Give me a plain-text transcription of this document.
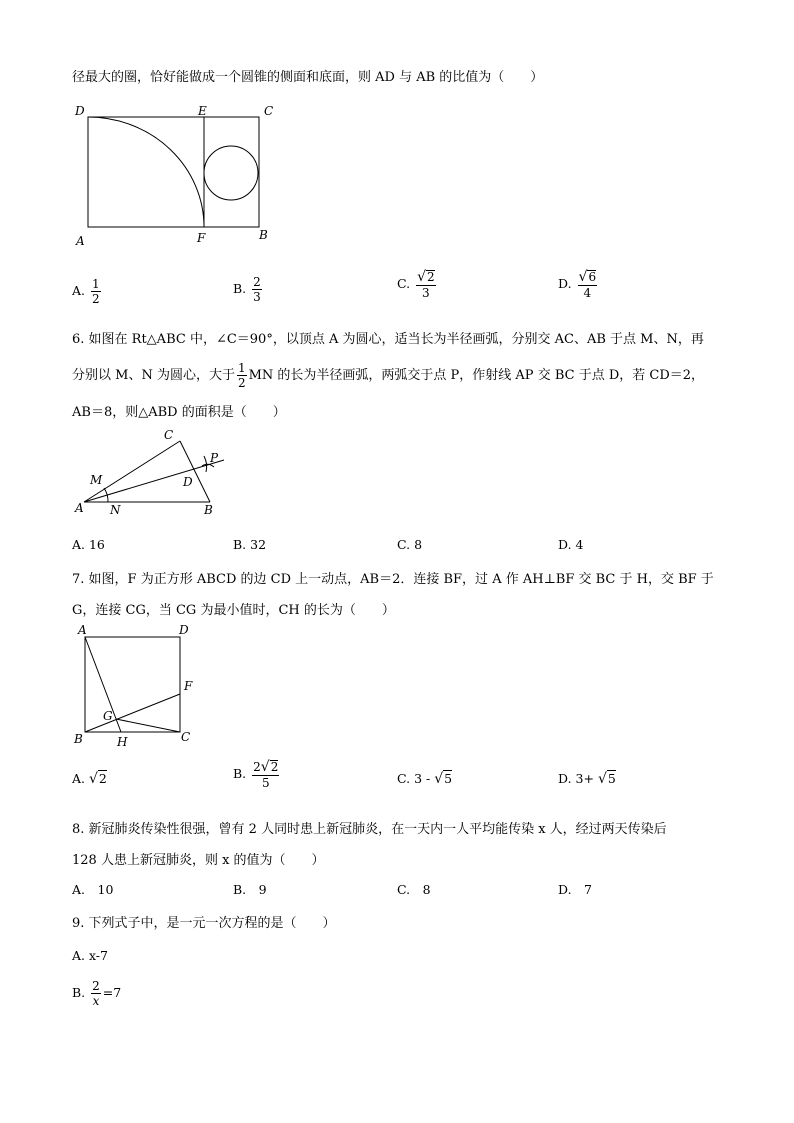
径最大的圈，恰好能做成一个圆锥的侧面和底面，则 AD 与 AB 的比值为（　　）
D	E	C
A	F	B
A. $\frac{1}{2}$	B. $\frac{2}{3}$	C. $\frac{√2}{3}$	D. $\frac{√6}{4}$
6. 如图在 Rt△ABC 中，∠C＝90°，以顶点 A 为圆心，适当长为半径画弧，分别交 AC、AB 于点 M、N，再
分别以 M、N 为圆心，大于 $\frac{1}{2}$ MN 的长为半径画弧，两弧交于点 P，作射线 AP 交 BC 于点 D，若 CD＝2，
AB＝8，则△ABD 的面积是（　　）
C
P
M	D
A N	B
A. 16	B. 32	C. 8	D. 4
7. 如图，F 为正方形 ABCD 的边 CD 上一动点，AB＝2．连接 BF，过 A 作 AH⊥BF 交 BC 于 H，交 BF 于
G，连接 CG，当 CG 为最小值时，CH 的长为（　　）
A	D
F
G
B	H	C
A. √2	B. $\frac{2√2}{5}$	C. 3 - √5	D. 3+ √5
8. 新冠肺炎传染性很强，曾有 2 人同时患上新冠肺炎，在一天内一人平均能传染 x 人，经过两天传染后
128 人患上新冠肺炎，则 x 的值为（　　）
A.　10	B.　9	C.　8	D.　7
9. 下列式子中，是一元一次方程的是（　　）
A. x-7
B. $\frac{2}{x} =7$
